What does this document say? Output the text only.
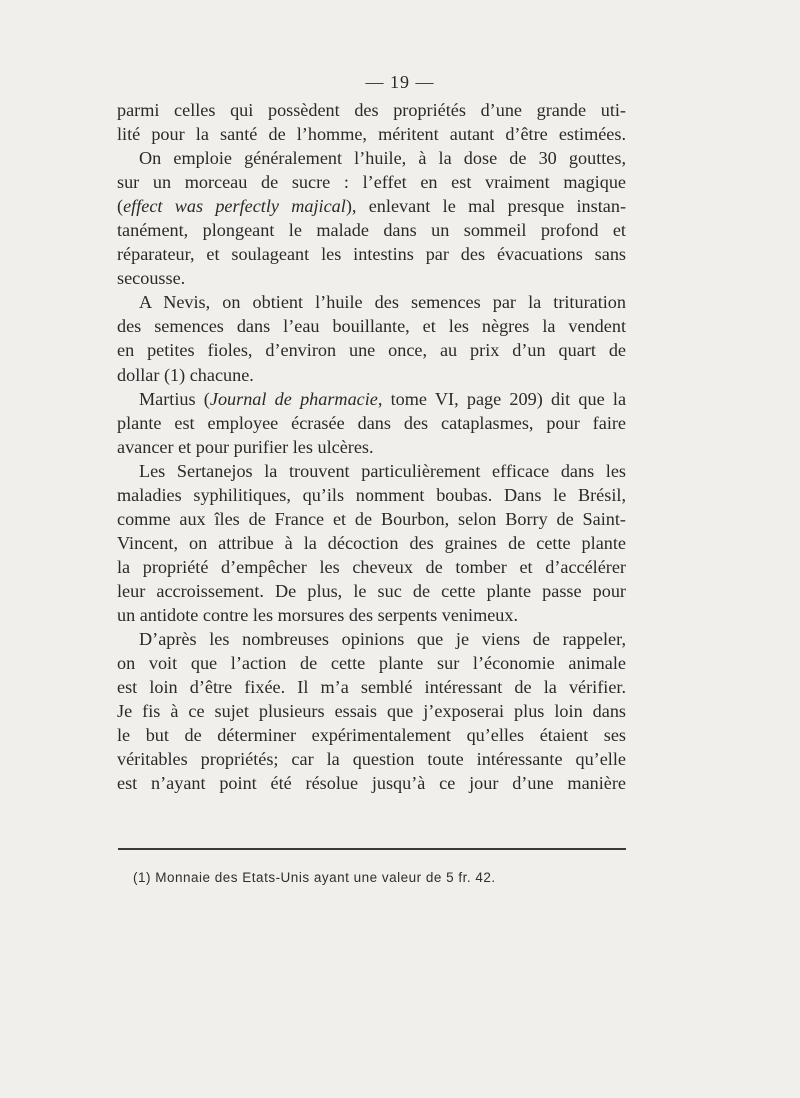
— 19 —
parmi celles qui possèdent des propriétés d’une grande uti-
lité pour la santé de l’homme, méritent autant d’être estimées.
On emploie généralement l’huile, à la dose de 30 gouttes,
sur un morceau de sucre : l’effet en est vraiment magique
(effect was perfectly majical), enlevant le mal presque instan-
tanément, plongeant le malade dans un sommeil profond et
réparateur, et soulageant les intestins par des évacuations sans
secousse.
A Nevis, on obtient l’huile des semences par la trituration
des semences dans l’eau bouillante, et les nègres la vendent
en petites fioles, d’environ une once, au prix d’un quart de
dollar (1) chacune.
Martius (Journal de pharmacie, tome VI, page 209) dit que la
plante est employee écrasée dans des cataplasmes, pour faire
avancer et pour purifier les ulcères.
Les Sertanejos la trouvent particulièrement efficace dans les
maladies syphilitiques, qu’ils nomment boubas. Dans le Brésil,
comme aux îles de France et de Bourbon, selon Borry de Saint-
Vincent, on attribue à la décoction des graines de cette plante
la propriété d’empêcher les cheveux de tomber et d’accélérer
leur accroissement. De plus, le suc de cette plante passe pour
un antidote contre les morsures des serpents venimeux.
D’après les nombreuses opinions que je viens de rappeler,
on voit que l’action de cette plante sur l’économie animale
est loin d’être fixée. Il m’a semblé intéressant de la vérifier.
Je fis à ce sujet plusieurs essais que j’exposerai plus loin dans
le but de déterminer expérimentalement qu’elles étaient ses
véritables propriétés; car la question toute intéressante qu’elle
est n’ayant point été résolue jusqu’à ce jour d’une manière
(1) Monnaie des Etats-Unis ayant une valeur de 5 fr. 42.
